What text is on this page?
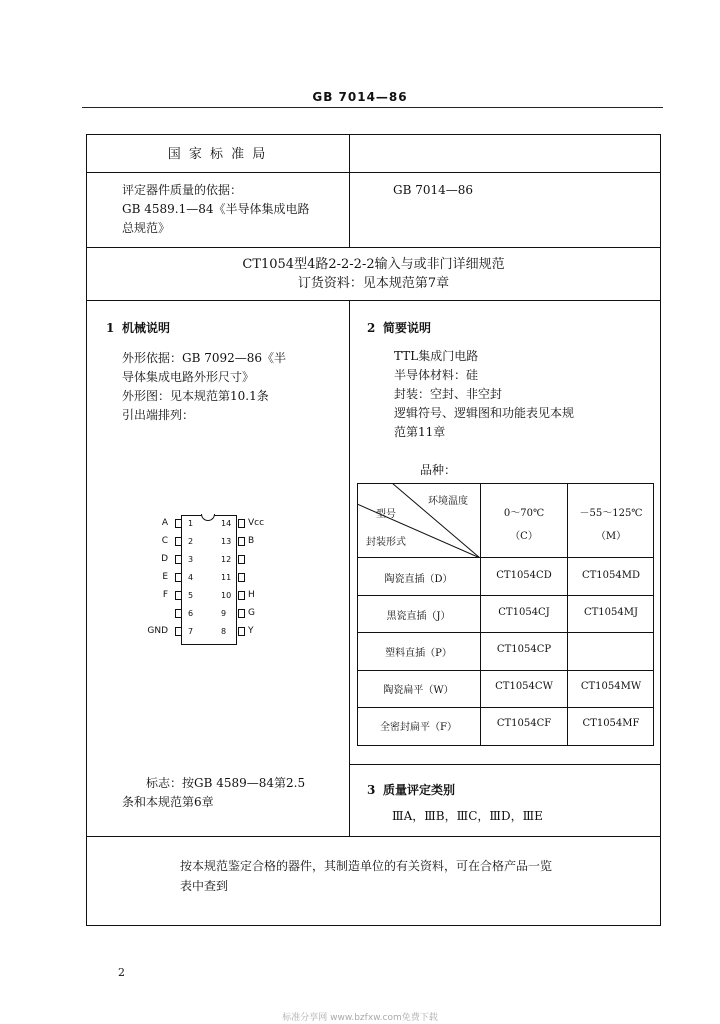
GB 7014—86
国 家 标 准 局
评定器件质量的依据：
GB 4589.1—84《半导体集成电路
总规范》
GB 7014—86
CT1054型4路2-2-2-2输入与或非门详细规范
订货资料：见本规范第7章
1 机械说明
外形依据：GB 7092—86《半
导体集成电路外形尺寸》
外形图：见本规范第10.1条
引出端排列：
A	1
C	2
D	3
E	4
F	5
6
GND	7
14 Vcc
13 B
12
11
10 H
9 G
8 Y
标志：按GB 4589—84第2.5
条和本规范第6章
2 简要说明
TTL集成门电路
半导体材料：硅
封装：空封、非空封
逻辑符号、逻辑图和功能表见本规
范第11章
品种：
环境温度
型号
封装形式
0～70℃
（C）
－55～125℃
（M）
陶瓷直插（D）	CT1054CD	CT1054MD
黑瓷直插（J）	CT1054CJ	CT1054MJ
塑料直插（P）	CT1054CP
陶瓷扁平（W）	CT1054CW	CT1054MW
全密封扁平（F）	CT1054CF	CT1054MF
3 质量评定类别
ⅢA，ⅢB，ⅢC，ⅢD，ⅢE
按本规范鉴定合格的器件，其制造单位的有关资料，可在合格产品一览
表中查到
2
标准分享网 www.bzfxw.com免费下载
